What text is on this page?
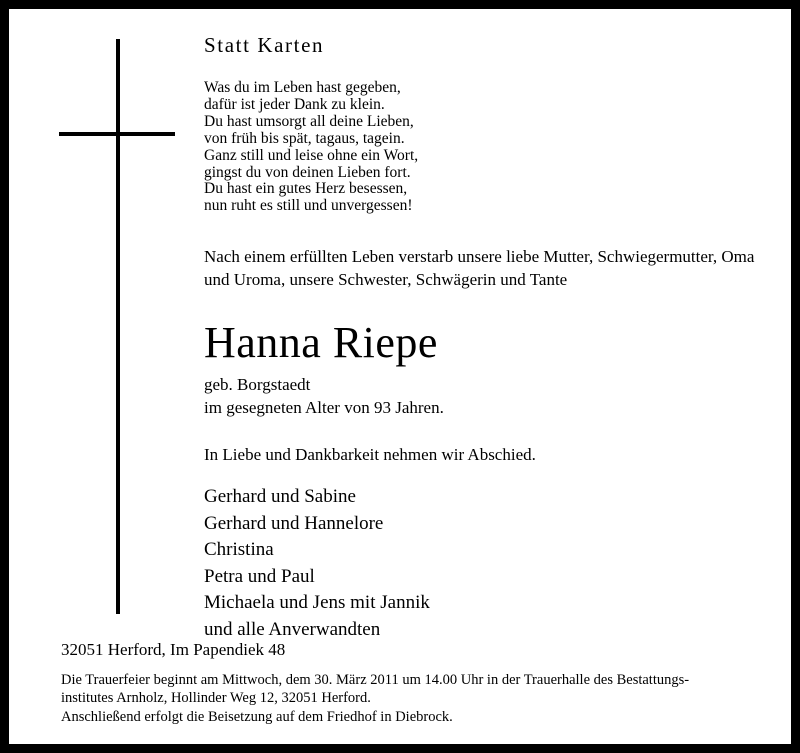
Statt Karten
Was du im Leben hast gegeben,
dafür ist jeder Dank zu klein.
Du hast umsorgt all deine Lieben,
von früh bis spät, tagaus, tagein.
Ganz still und leise ohne ein Wort,
gingst du von deinen Lieben fort.
Du hast ein gutes Herz besessen,
nun ruht es still und unvergessen!

Nach einem erfüllten Leben verstarb unsere liebe Mutter, Schwiegermutter, Oma und Uroma, unsere Schwester, Schwägerin und Tante

Hanna Riepe

geb. Borgstaedt

im gesegneten Alter von 93 Jahren.

In Liebe und Dankbarkeit nehmen wir Abschied.

Gerhard und Sabine
Gerhard und Hannelore
Christina
Petra und Paul
Michaela und Jens mit Jannik
und alle Anverwandten

32051 Herford, Im Papendiek 48

Die Trauerfeier beginnt am Mittwoch, dem 30. März 2011 um 14.00 Uhr in der Trauerhalle des Bestattungs-
institutes Arnholz, Hollinder Weg 12, 32051 Herford.
Anschließend erfolgt die Beisetzung auf dem Friedhof in Diebrock.
